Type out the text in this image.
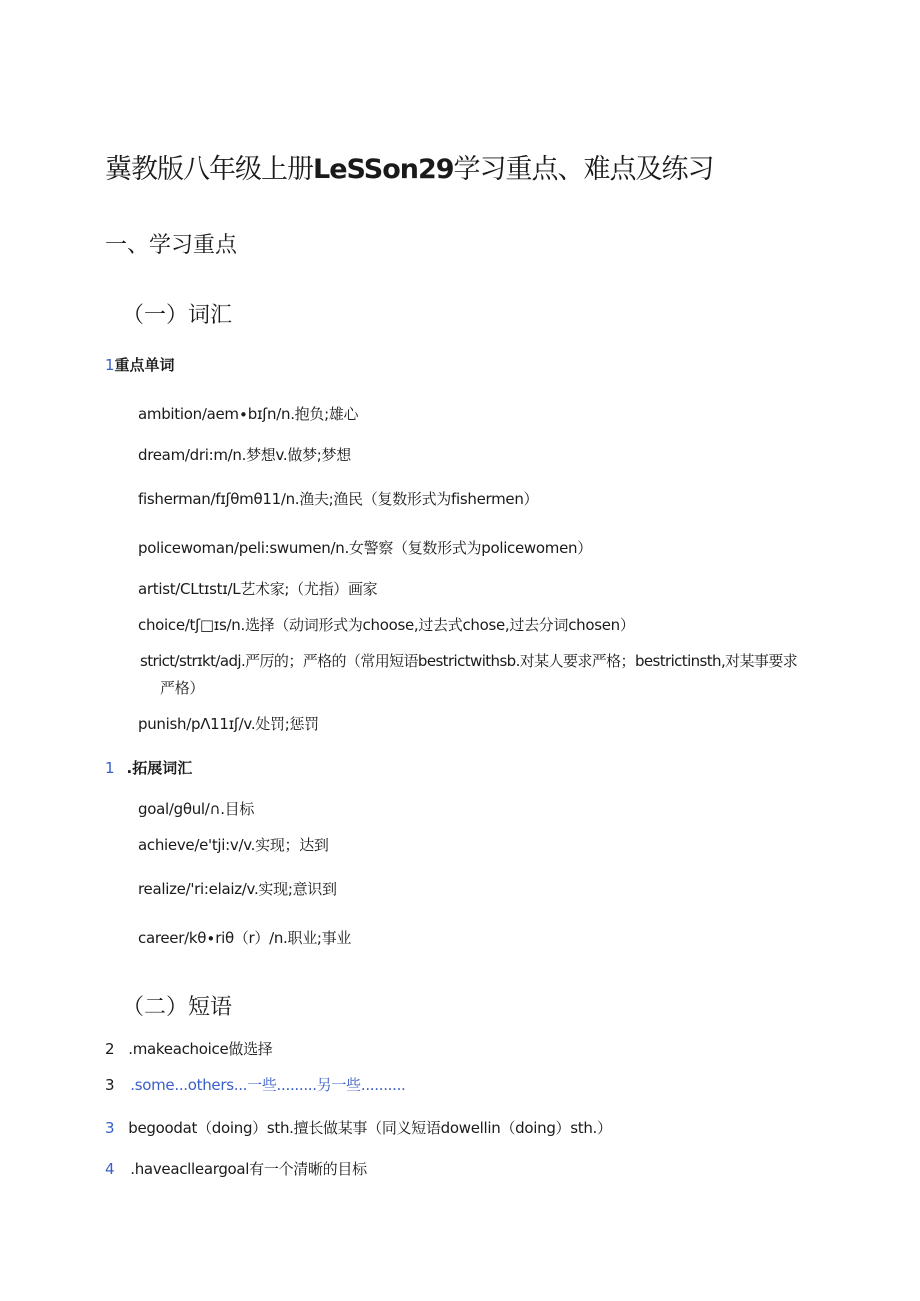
冀教版八年级上册LeSSon29学习重点、难点及练习
一、学习重点
（一）词汇
1重点单词
ambition∕aem∙bɪʃn∕n.抱负;雄心
dream/dri:m/n.梦想v.做梦;梦想
fisherman∕fɪʃθmθ11∕n.渔夫;渔民（复数形式为fishermen）
policewoman/peli:swumen/n.女警察（复数形式为policewomen）
artist∕CLtɪstɪ/L艺术家;（尤指）画家
choice∕tʃ□ɪs∕n.选择（动词形式为choose,过去式chose,过去分词chosen）
strict∕strɪkt∕adj.严厉的；严格的（常用短语bestrictwithsb.对某人要求严格；bestrictinsth,对某事要求
严格）
punish∕pΛ11ɪʃ∕v.处罚;惩罚
1 .拓展词汇
goal∕gθul∕∩.目标
achieve/e'tji:v/v.实现；达到
realize/'ri:elaiz/v.实现;意识到
career∕kθ∙riθ（r）∕n.职业;事业
（二）短语
2 .makeachoice做选择
3 .some...others...一些.........另一些..........
3 begoodat（doing）sth.擅长做某事（同义短语dowellin（doing）sth.）
4 .haveaclleargoal有一个清晰的目标
